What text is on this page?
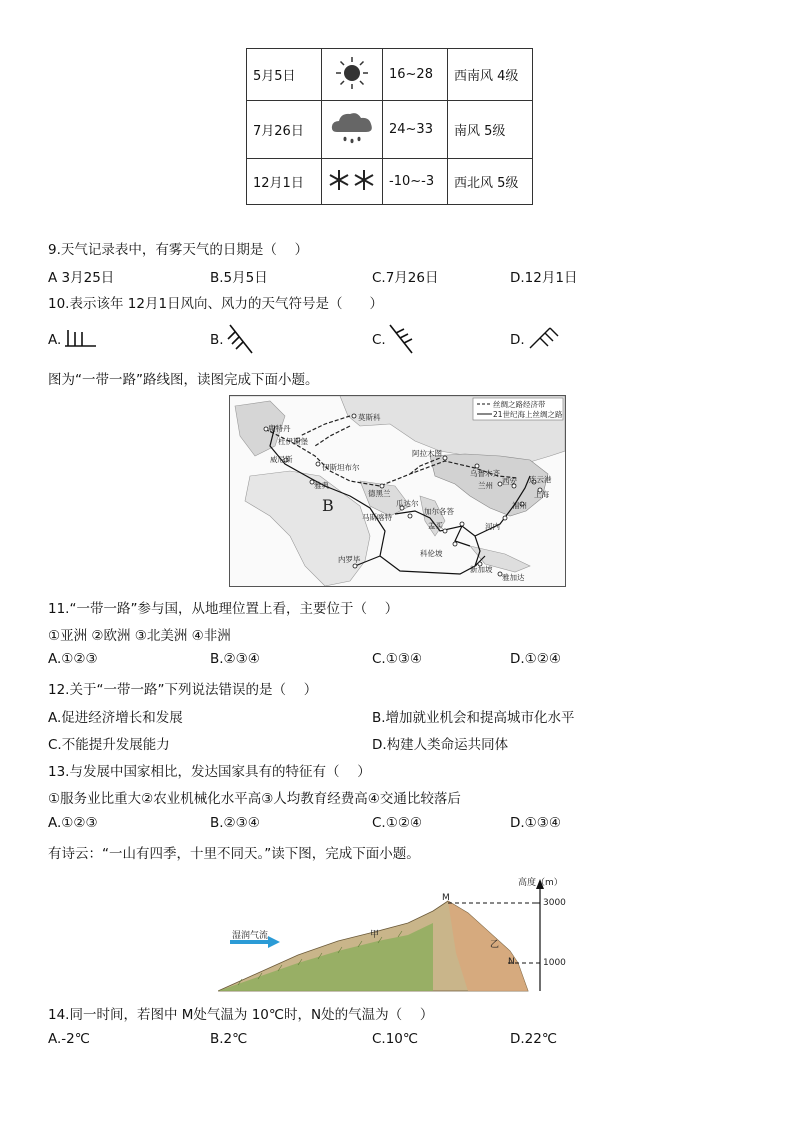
5月5日		16~28	西南风 4级
7月26日		24~33	南风 5级
12月1日		-10~-3	西北风 5级
9.天气记录表中，有雾天气的日期是（　 ）
A 3月25日	B.5月5日	C.7月26日	D.12月1日
10.表示该年 12月1日风向、风力的天气符号是（　　）
A.	B.	C.	D.
图为“一带一路”路线图，读图完成下面小题。
丝绸之路经济带
21世纪海上丝绸之路
莫斯科
鹿特丹
杜伊斯堡
威尼斯
伊斯坦布尔
雅典
阿拉木图
乌鲁木齐
兰州 西安 连云港
上海
德黑兰
瓜达尔
马斯喀特
加尔各答
孟买	河内
福州
科伦坡
内罗毕
新加坡
雅加达
B
11.“一带一路”参与国，从地理位置上看，主要位于（　 ）
①亚洲 ②欧洲 ③北美洲 ④非洲
A.①②③	B.②③④	C.①③④	D.①②④
12.关于“一带一路”下列说法错误的是（　 ）
A.促进经济增长和发展	B.增加就业机会和提高城市化水平
C.不能提升发展能力	D.构建人类命运共同体
13.与发展中国家相比，发达国家具有的特征有（　 ）
①服务业比重大②农业机械化水平高③人均教育经费高④交通比较落后
A.①②③	B.②③④	C.①②④	D.①③④
有诗云：“一山有四季，十里不同天。”读下图，完成下面小题。
高度（m）
3000
1000
M
N
甲
乙
湿润气流
14.同一时间，若图中 M处气温为 10℃时，N处的气温为（　 ）
A.-2℃	B.2℃	C.10℃	D.22℃
